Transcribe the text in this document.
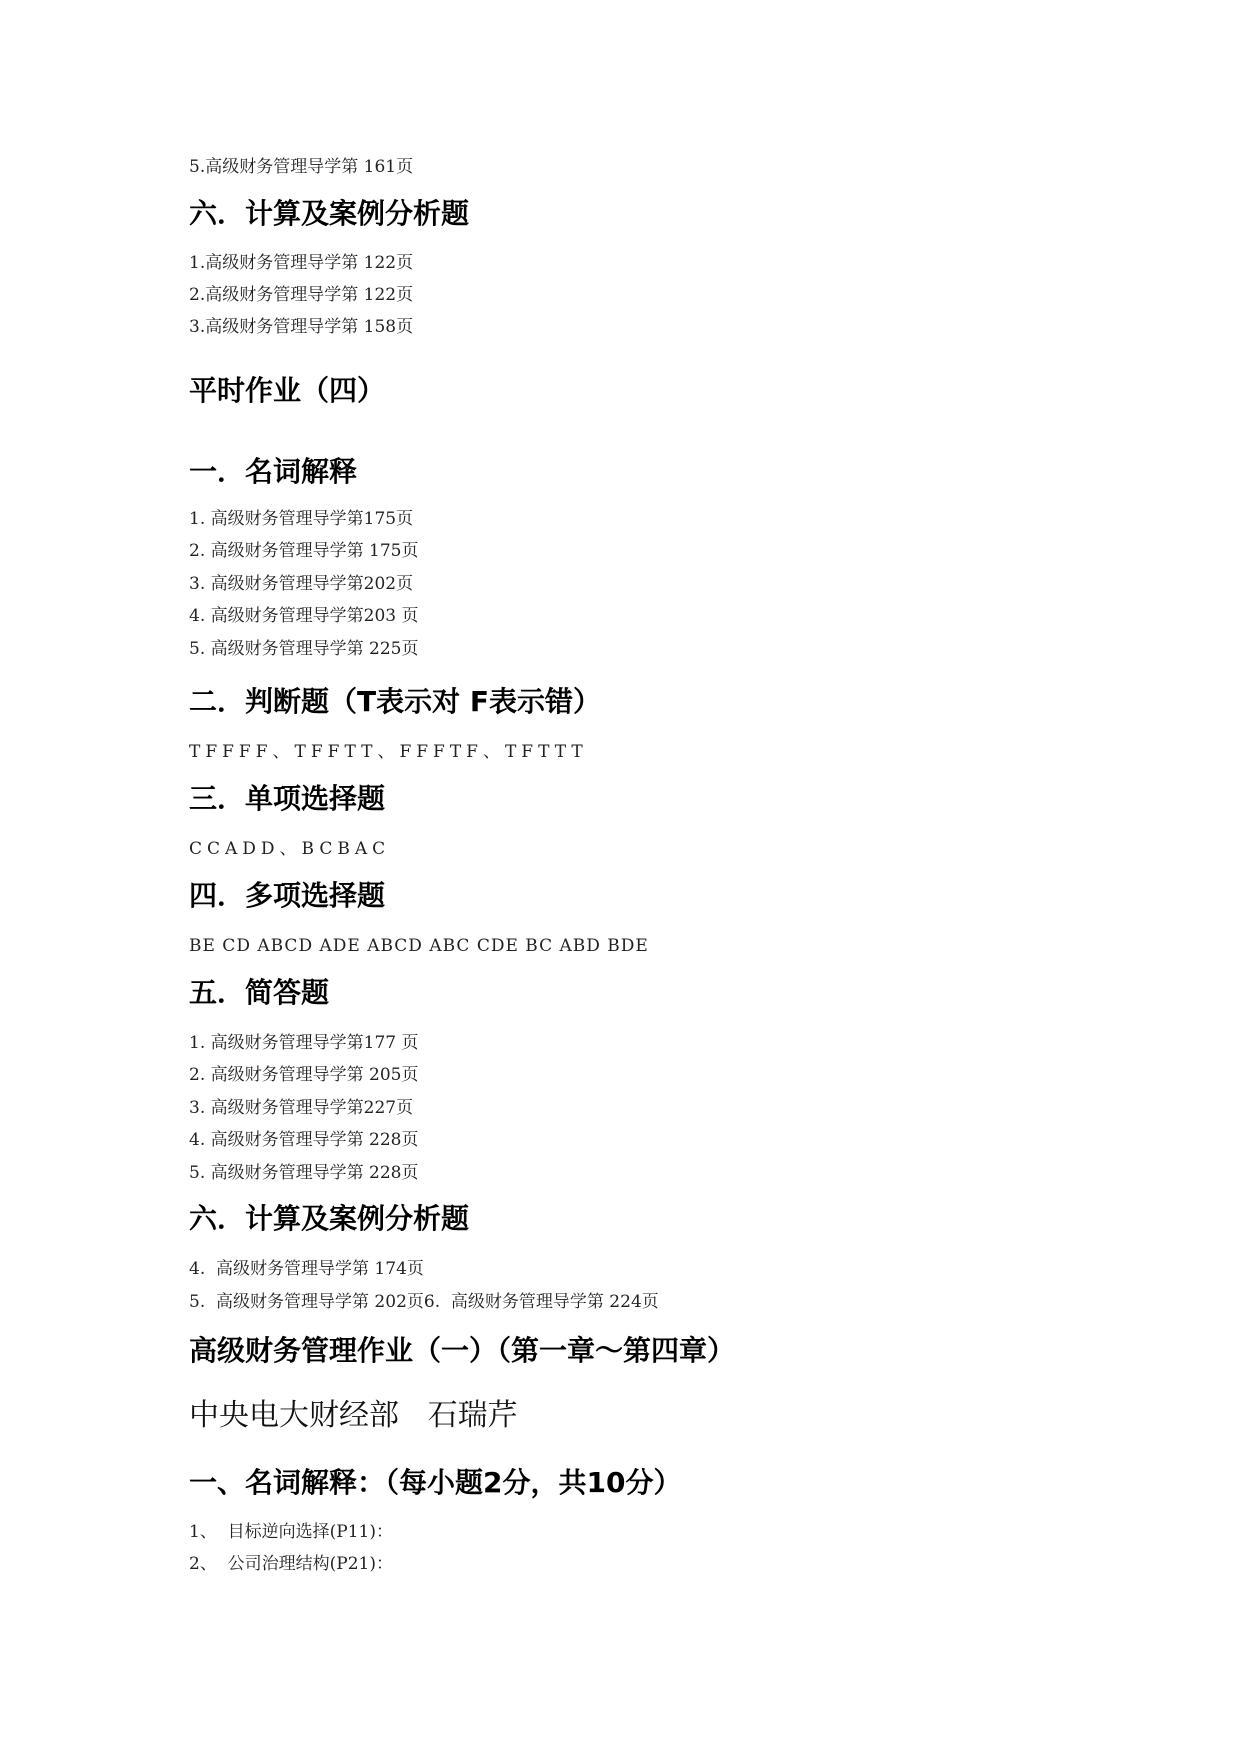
5.高级财务管理导学第 161页
六．计算及案例分析题
1.高级财务管理导学第 122页
2.高级财务管理导学第 122页
3.高级财务管理导学第 158页
平时作业（四）
一．名词解释
1. 高级财务管理导学第175页
2. 高级财务管理导学第 175页
3. 高级财务管理导学第202页
4. 高级财务管理导学第203 页
5. 高级财务管理导学第 225页
二．判断题（T表示对 F表示错）
TFFFF、TFFTT、FFFTF、TFTTT
三．单项选择题
CCADD、BCBAC
四．多项选择题
BE CD ABCD ADE ABCD ABC CDE BC ABD BDE
五．简答题
1. 高级财务管理导学第177 页
2. 高级财务管理导学第 205页
3. 高级财务管理导学第227页
4. 高级财务管理导学第 228页
5. 高级财务管理导学第 228页
六．计算及案例分析题
4.  高级财务管理导学第 174页
5.  高级财务管理导学第 202页6.  高级财务管理导学第 224页
高级财务管理作业（一）（第一章～第四章）
中央电大财经部   石瑞芹
一、名词解释：（每小题2分，共10分）
1、  目标逆向选择(P11)：
2、  公司治理结构(P21)：
